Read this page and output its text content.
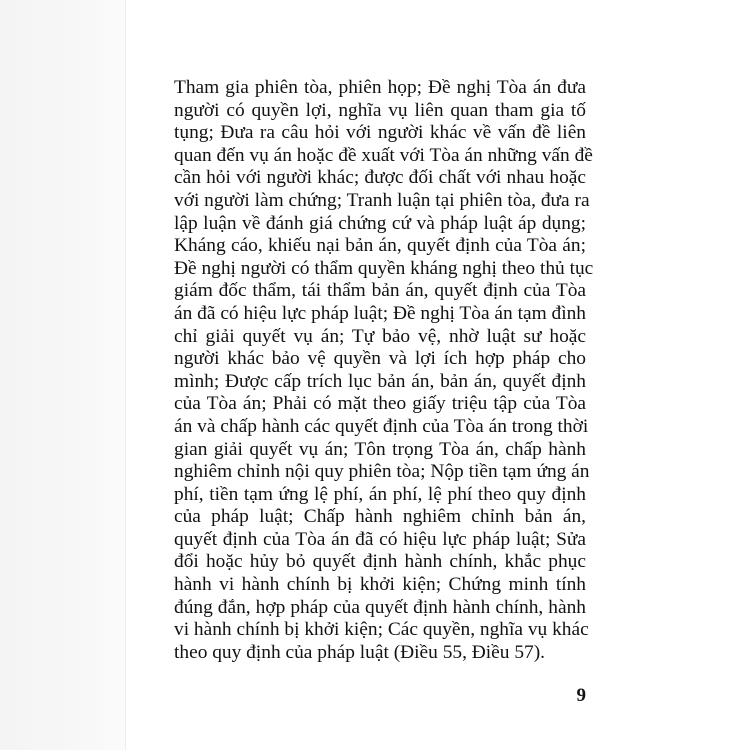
Tham gia phiên tòa, phiên họp; Đề nghị Tòa án đưa
người có quyền lợi, nghĩa vụ liên quan tham gia tố
tụng; Đưa ra câu hỏi với người khác về vấn đề liên
quan đến vụ án hoặc đề xuất với Tòa án những vấn đề
cần hỏi với người khác; được đối chất với nhau hoặc
với người làm chứng; Tranh luận tại phiên tòa, đưa ra
lập luận về đánh giá chứng cứ và pháp luật áp dụng;
Kháng cáo, khiếu nại bản án, quyết định của Tòa án;
Đề nghị người có thẩm quyền kháng nghị theo thủ tục
giám đốc thẩm, tái thẩm bản án, quyết định của Tòa
án đã có hiệu lực pháp luật; Đề nghị Tòa án tạm đình
chỉ giải quyết vụ án; Tự bảo vệ, nhờ luật sư hoặc
người khác bảo vệ quyền và lợi ích hợp pháp cho
mình; Được cấp trích lục bản án, bản án, quyết định
của Tòa án; Phải có mặt theo giấy triệu tập của Tòa
án và chấp hành các quyết định của Tòa án trong thời
gian giải quyết vụ án; Tôn trọng Tòa án, chấp hành
nghiêm chỉnh nội quy phiên tòa; Nộp tiền tạm ứng án
phí, tiền tạm ứng lệ phí, án phí, lệ phí theo quy định
của pháp luật; Chấp hành nghiêm chỉnh bản án,
quyết định của Tòa án đã có hiệu lực pháp luật; Sửa
đổi hoặc hủy bỏ quyết định hành chính, khắc phục
hành vi hành chính bị khởi kiện; Chứng minh tính
đúng đắn, hợp pháp của quyết định hành chính, hành
vi hành chính bị khởi kiện; Các quyền, nghĩa vụ khác
theo quy định của pháp luật (Điều 55, Điều 57).
9
